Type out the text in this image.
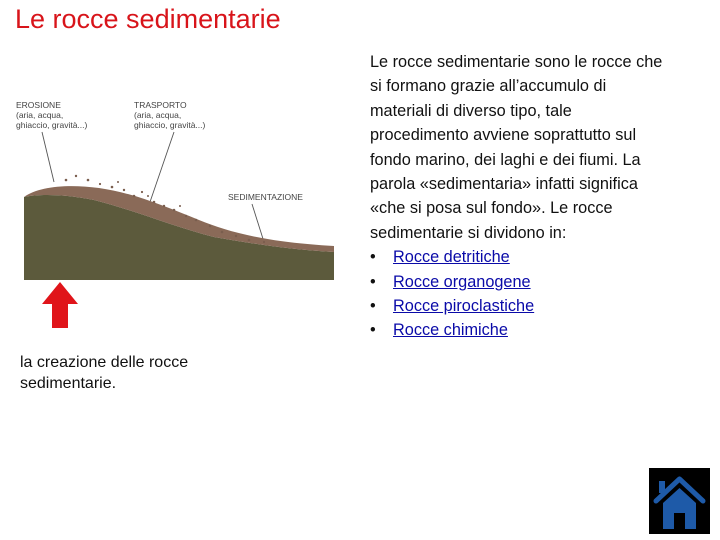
Le rocce sedimentarie
EROSIONE
(aria, acqua,
ghiaccio, gravità...)
TRASPORTO
(aria, acqua,
ghiaccio, gravità...)
SEDIMENTAZIONE
la creazione delle rocce
sedimentarie.
Le rocce sedimentarie sono le rocce che
si formano grazie all’accumulo di
materiali di diverso tipo, tale
procedimento avviene soprattutto sul
fondo marino, dei laghi e dei fiumi. La
parola «sedimentaria» infatti significa
«che si posa sul fondo». Le rocce
sedimentarie si dividono in:
• Rocce detritiche
• Rocce organogene
• Rocce piroclastiche
• Rocce chimiche
